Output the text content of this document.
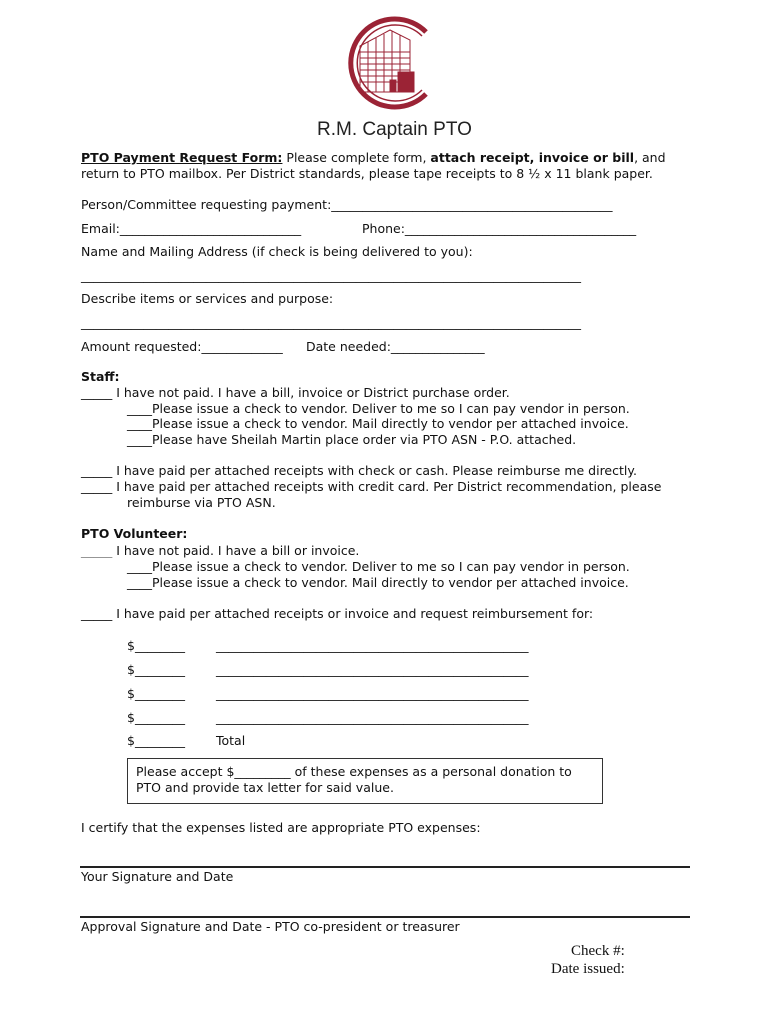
R.M. Captain PTO
PTO Payment Request Form: Please complete form, attach receipt, invoice or bill, and
return to PTO mailbox. Per District standards, please tape receipts to 8 ½ x 11 blank paper.
Person/Committee requesting payment:_____________________________________________
Email:_____________________________	Phone:_____________________________________
Name and Mailing Address (if check is being delivered to you):
________________________________________________________________________________
Describe items or services and purpose:
________________________________________________________________________________
Amount requested:_____________ Date needed:_______________
Staff:
_____ I have not paid. I have a bill, invoice or District purchase order.
____Please issue a check to vendor. Deliver to me so I can pay vendor in person.
____Please issue a check to vendor. Mail directly to vendor per attached invoice.
____Please have Sheilah Martin place order via PTO ASN - P.O. attached.
_____ I have paid per attached receipts with check or cash. Please reimburse me directly.
_____ I have paid per attached receipts with credit card. Per District recommendation, please
reimburse via PTO ASN.
PTO Volunteer:
_____ I have not paid. I have a bill or invoice.
____Please issue a check to vendor. Deliver to me so I can pay vendor in person.
____Please issue a check to vendor. Mail directly to vendor per attached invoice.
_____ I have paid per attached receipts or invoice and request reimbursement for:
$________ __________________________________________________
$________ __________________________________________________
$________ __________________________________________________
$________ __________________________________________________
$________ Total
Please accept $_________ of these expenses as a personal donation to
PTO and provide tax letter for said value.
I certify that the expenses listed are appropriate PTO expenses:
Your Signature and Date
Approval Signature and Date - PTO co-president or treasurer
Check #:
Date issued:
